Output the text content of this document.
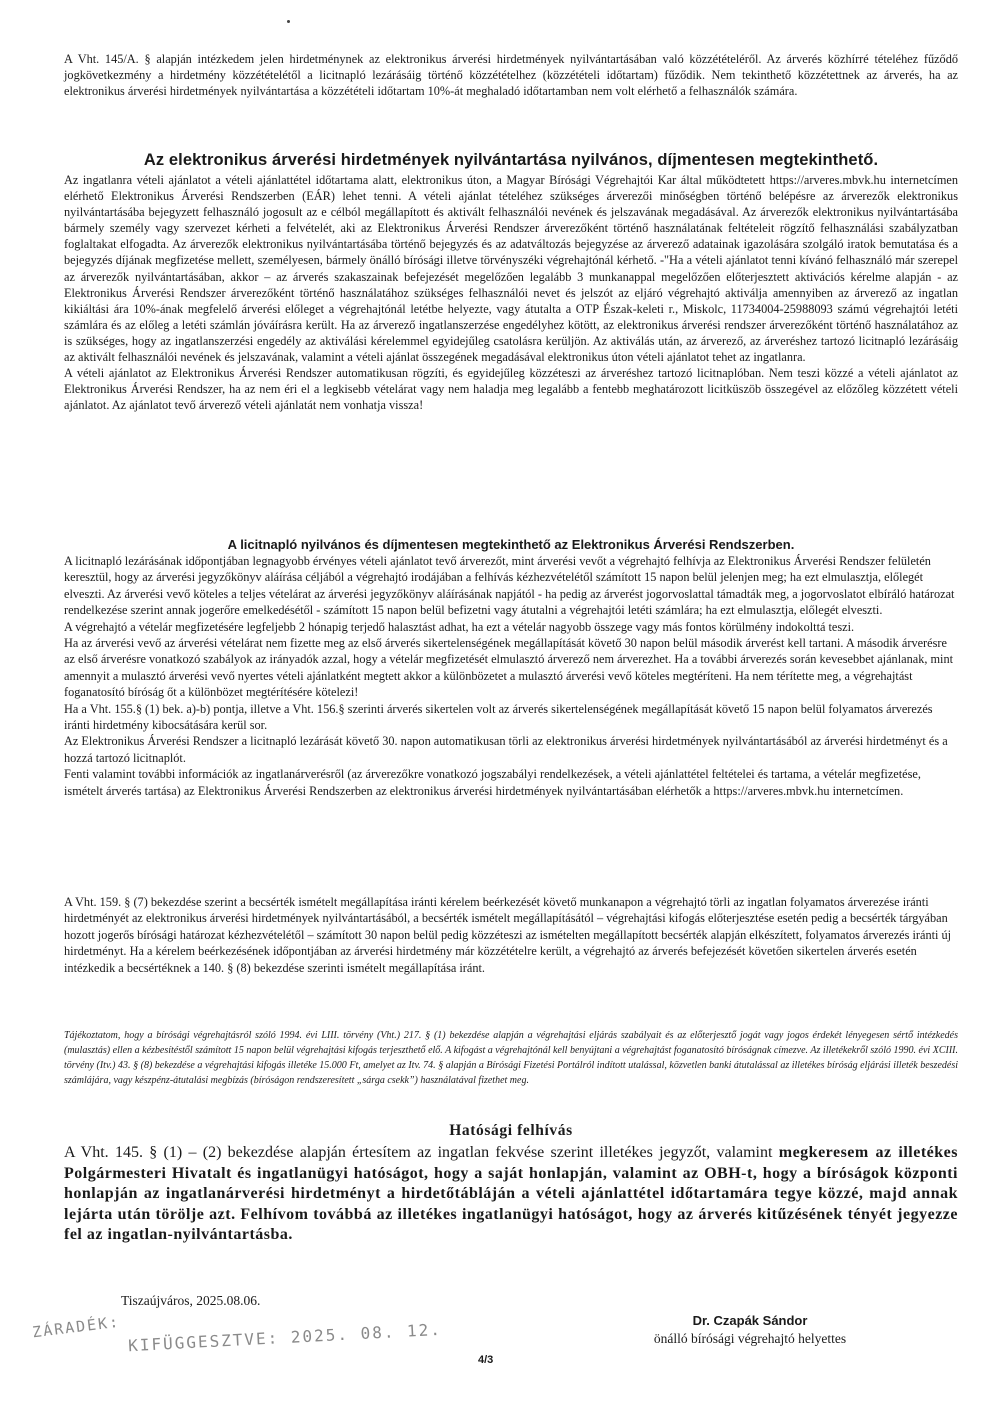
A Vht. 145/A. § alapján intézkedem jelen hirdetménynek az elektronikus árverési hirdetmények nyilvántartásában való közzétételéről. Az árverés közhírré tételéhez fűződő jogkövetkezmény a hirdetmény közzétételétől a licitnapló lezárásáig történő közzétételhez (közzétételi időtartam) fűződik. Nem tekinthető közzétettnek az árverés, ha az elektronikus árverési hirdetmények nyilvántartása a közzétételi időtartam 10%-át meghaladó időtartamban nem volt elérhető a felhasználók számára.

Az elektronikus árverési hirdetmények nyilvántartása nyilvános, díjmentesen megtekinthető.

Az ingatlanra vételi ajánlatot a vételi ajánlattétel időtartama alatt, elektronikus úton, a Magyar Bírósági Végrehajtói Kar által működtetett https://arveres.mbvk.hu internetcímen elérhető Elektronikus Árverési Rendszerben (EÁR) lehet tenni. A vételi ajánlat tételéhez szükséges árverezői minőségben történő belépésre az árverezők elektronikus nyilvántartásába bejegyzett felhasználó jogosult az e célból megállapított és aktivált felhasználói nevének és jelszavának megadásával. Az árverezők elektronikus nyilvántartásába bármely személy vagy szervezet kérheti a felvételét, aki az Elektronikus Árverési Rendszer árverezőként történő használatának feltételeit rögzítő felhasználási szabályzatban foglaltakat elfogadta. Az árverezők elektronikus nyilvántartásába történő bejegyzés és az adatváltozás bejegyzése az árverező adatainak igazolására szolgáló iratok bemutatása és a bejegyzés díjának megfizetése mellett, személyesen, bármely önálló bírósági illetve törvényszéki végrehajtónál kérhető. -"Ha a vételi ajánlatot tenni kívánó felhasználó már szerepel az árverezők nyilvántartásában, akkor – az árverés szakaszainak befejezését megelőzően legalább 3 munkanappal megelőzően előterjesztett aktivációs kérelme alapján - az Elektronikus Árverési Rendszer árverezőként történő használatához szükséges felhasználói nevet és jelszót az eljáró végrehajtó aktiválja amennyiben az árverező az ingatlan kikiáltási ára 10%-ának megfelelő árverési előleget a végrehajtónál letétbe helyezte, vagy átutalta a OTP Észak-keleti r., Miskolc, 11734004-25988093 számú végrehajtói letéti számlára és az előleg a letéti számlán jóváírásra került. Ha az árverező ingatlanszerzése engedélyhez kötött, az elektronikus árverési rendszer árverezőként történő használatához az is szükséges, hogy az ingatlanszerzési engedély az aktiválási kérelemmel egyidejűleg csatolásra kerüljön. Az aktiválás után, az árverező, az árveréshez tartozó licitnapló lezárásáig az aktivált felhasználói nevének és jelszavának, valamint a vételi ajánlat összegének megadásával elektronikus úton vételi ajánlatot tehet az ingatlanra.

A vételi ajánlatot az Elektronikus Árverési Rendszer automatikusan rögzíti, és egyidejűleg közzéteszi az árveréshez tartozó licitnaplóban. Nem teszi közzé a vételi ajánlatot az Elektronikus Árverési Rendszer, ha az nem éri el a legkisebb vételárat vagy nem haladja meg legalább a fentebb meghatározott licitküszöb összegével az előzőleg közzétett vételi ajánlatot. Az ajánlatot tevő árverező vételi ajánlatát nem vonhatja vissza!

A licitnapló nyilvános és díjmentesen megtekinthető az Elektronikus Árverési Rendszerben.

A licitnapló lezárásának időpontjában legnagyobb érvényes vételi ajánlatot tevő árverezőt, mint árverési vevőt a végrehajtó felhívja az Elektronikus Árverési Rendszer felületén keresztül, hogy az árverési jegyzőkönyv aláírása céljából a végrehajtó irodájában a felhívás kézhezvételétől számított 15 napon belül jelenjen meg; ha ezt elmulasztja, előlegét elveszti. Az árverési vevő köteles a teljes vételárat az árverési jegyzőkönyv aláírásának napjától - ha pedig az árverést jogorvoslattal támadták meg, a jogorvoslatot elbíráló határozat rendelkezése szerint annak jogerőre emelkedésétől - számított 15 napon belül befizetni vagy átutalni a végrehajtói letéti számlára; ha ezt elmulasztja, előlegét elveszti.

A végrehajtó a vételár megfizetésére legfeljebb 2 hónapig terjedő halasztást adhat, ha ezt a vételár nagyobb összege vagy más fontos körülmény indokolttá teszi.

Ha az árverési vevő az árverési vételárat nem fizette meg az első árverés sikertelenségének megállapítását követő 30 napon belül második árverést kell tartani. A második árverésre az első árverésre vonatkozó szabályok az irányadók azzal, hogy a vételár megfizetését elmulasztó árverező nem árverezhet. Ha a további árverezés során kevesebbet ajánlanak, mint amennyit a mulasztó árverési vevő nyertes vételi ajánlatként megtett akkor a különbözetet a mulasztó árverési vevő köteles megtéríteni. Ha nem térítette meg, a végrehajtást foganatosító bíróság őt a különbözet megtérítésére kötelezi!

Ha a Vht. 155.§ (1) bek. a)-b) pontja, illetve a Vht. 156.§ szerinti árverés sikertelen volt az árverés sikertelenségének megállapítását követő 15 napon belül folyamatos árverezés iránti hirdetmény kibocsátására kerül sor.

Az Elektronikus Árverési Rendszer a licitnapló lezárását követő 30. napon automatikusan törli az elektronikus árverési hirdetmények nyilvántartásából az árverési hirdetményt és a hozzá tartozó licitnaplót.

Fenti valamint további információk az ingatlanárverésről (az árverezőkre vonatkozó jogszabályi rendelkezések, a vételi ajánlattétel feltételei és tartama, a vételár megfizetése, ismételt árverés tartása) az Elektronikus Árverési Rendszerben az elektronikus árverési hirdetmények nyilvántartásában elérhetők a https://arveres.mbvk.hu internetcímen.

A Vht. 159. § (7) bekezdése szerint a becsérték ismételt megállapítása iránti kérelem beérkezését követő munkanapon a végrehajtó törli az ingatlan folyamatos árverezése iránti hirdetményét az elektronikus árverési hirdetmények nyilvántartásából, a becsérték ismételt megállapításától – végrehajtási kifogás előterjesztése esetén pedig a becsérték tárgyában hozott jogerős bírósági határozat kézhezvételétől – számított 30 napon belül pedig közzéteszi az ismételten megállapított becsérték alapján elkészített, folyamatos árverezés iránti új hirdetményt. Ha a kérelem beérkezésének időpontjában az árverési hirdetmény már közzétételre került, a végrehajtó az árverés befejezését követően sikertelen árverés esetén intézkedik a becsértéknek a 140. § (8) bekezdése szerinti ismételt megállapítása iránt.

Tájékoztatom, hogy a bírósági végrehajtásról szóló 1994. évi LIII. törvény (Vht.) 217. § (1) bekezdése alapján a végrehajtási eljárás szabályait és az előterjesztő jogát vagy jogos érdekét lényegesen sértő intézkedés (mulasztás) ellen a kézbesítéstől számított 15 napon belül végrehajtási kifogás terjeszthető elő. A kifogást a végrehajtónál kell benyújtani a végrehajtást foganatosító bíróságnak címezve. Az illetékekről szóló 1990. évi XCIII. törvény (Itv.) 43. § (8) bekezdése a végrehajtási kifogás illetéke 15.000 Ft, amelyet az Itv. 74. § alapján a Bírósági Fizetési Portálról indított utalással, közvetlen banki átutalással az illetékes bíróság eljárási illeték beszedési számlájára, vagy készpénz-átutalási megbízás (bíróságon rendszeresített „sárga csekk”) használatával fizethet meg.
Hatósági felhívás
A Vht. 145. § (1) – (2) bekezdése alapján értesítem az ingatlan fekvése szerint illetékes jegyzőt, valamint megkeresem az illetékes Polgármesteri Hivatalt és ingatlanügyi hatóságot, hogy a saját honlapján, valamint az OBH-t, hogy a bíróságok központi honlapján az ingatlanárverési hirdetményt a hirdetőtábláján a vételi ajánlattétel időtartamára tegye közzé, majd annak lejárta után törölje azt. Felhívom továbbá az illetékes ingatlanügyi hatóságot, hogy az árverés kitűzésének tényét jegyezze fel az ingatlan-nyilvántartásba.
Tiszaújváros, 2025.08.06.
Dr. Czapák Sándor
önálló bírósági végrehajtó helyettes
ZÁRADÉK: KIFÜGGESZTVE: 2025. 08. 12.
4/3
